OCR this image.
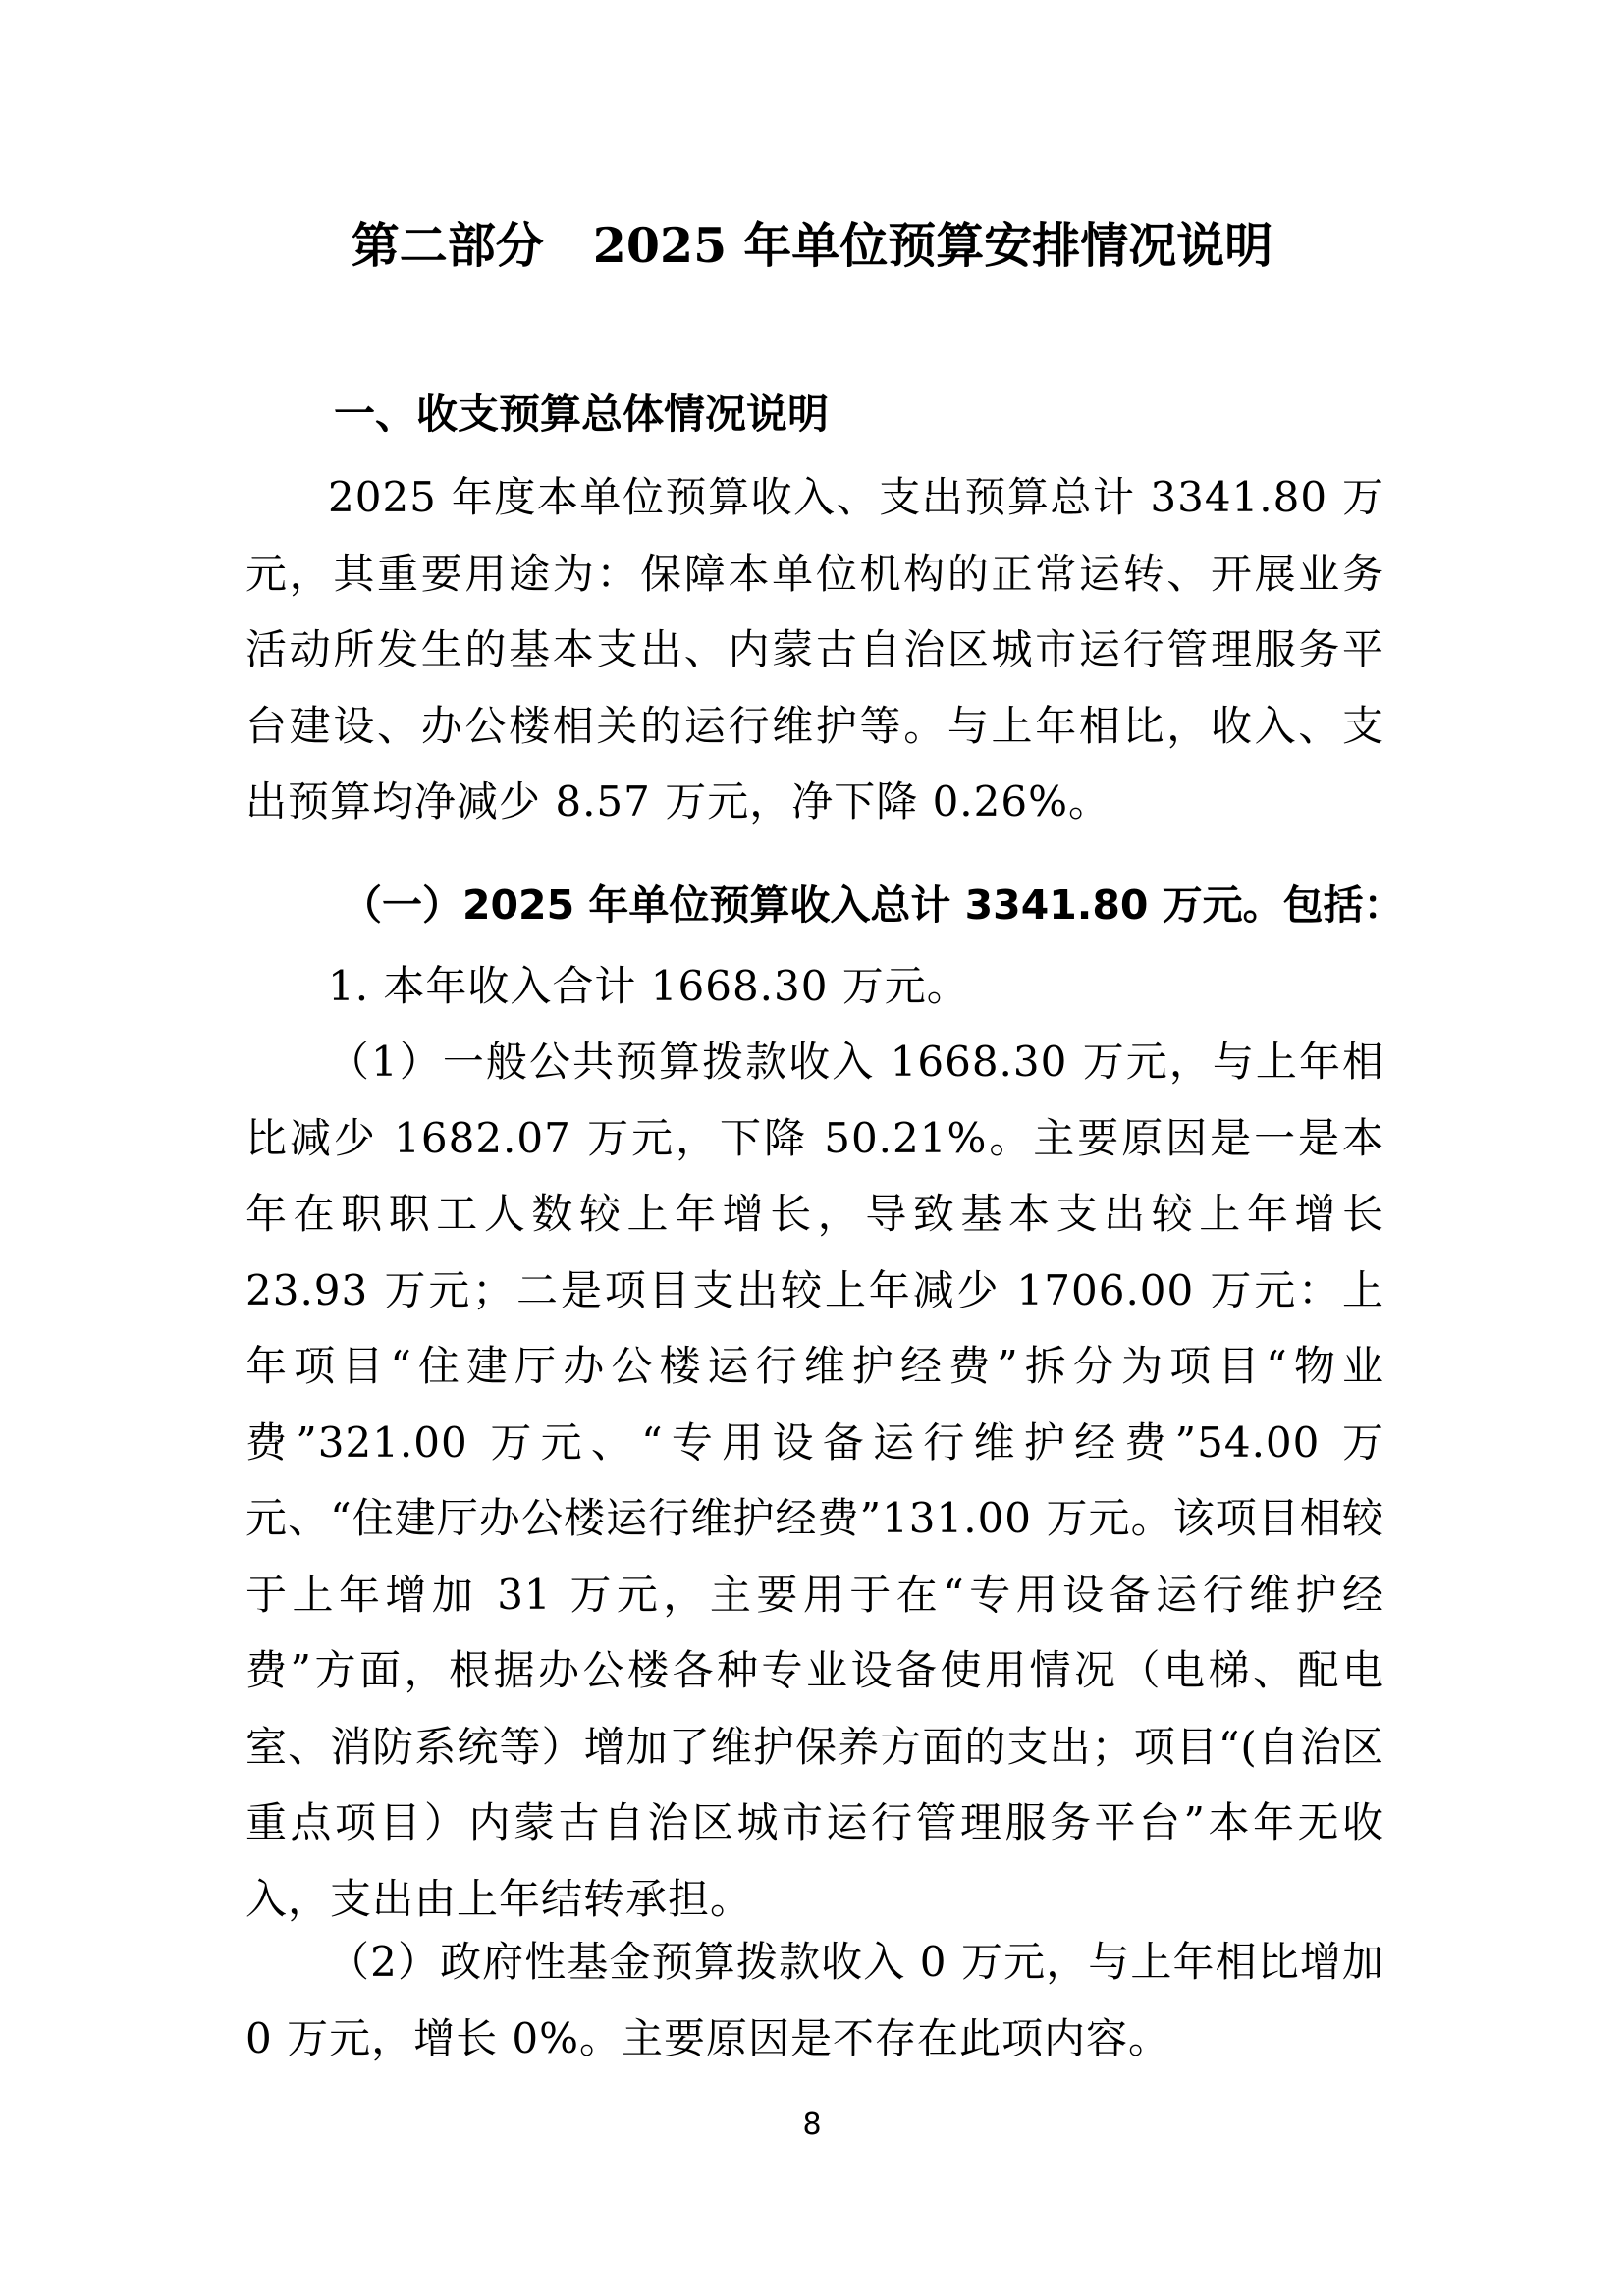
第二部分 2025 年单位预算安排情况说明
一、收支预算总体情况说明

2025 年度本单位预算收入、支出预算总计 3341.80 万元，其重要用途为：保障本单位机构的正常运转、开展业务活动所发生的基本支出、内蒙古自治区城市运行管理服务平台建设、办公楼相关的运行维护等。与上年相比，收入、支出预算均净减少 8.57 万元，净下降 0.26%。

（一）2025 年单位预算收入总计 3341.80 万元。包括：

1. 本年收入合计 1668.30 万元。

（1）一般公共预算拨款收入 1668.30 万元，与上年相比减少 1682.07 万元，下降 50.21%。主要原因是一是本年在职职工人数较上年增长，导致基本支出较上年增长 23.93 万元；二是项目支出较上年减少 1706.00 万元：上年项目“住建厅办公楼运行维护经费”拆分为项目“物业费”321.00 万元、“专用设备运行维护经费”54.00 万元、“住建厅办公楼运行维护经费”131.00 万元。该项目相较于上年增加 31 万元，主要用于在“专用设备运行维护经费”方面，根据办公楼各种专业设备使用情况（电梯、配电室、消防系统等）增加了维护保养方面的支出；项目“(自治区重点项目）内蒙古自治区城市运行管理服务平台”本年无收入，支出由上年结转承担。

（2）政府性基金预算拨款收入 0 万元，与上年相比增加 0 万元，增长 0%。主要原因是不存在此项内容。

8
